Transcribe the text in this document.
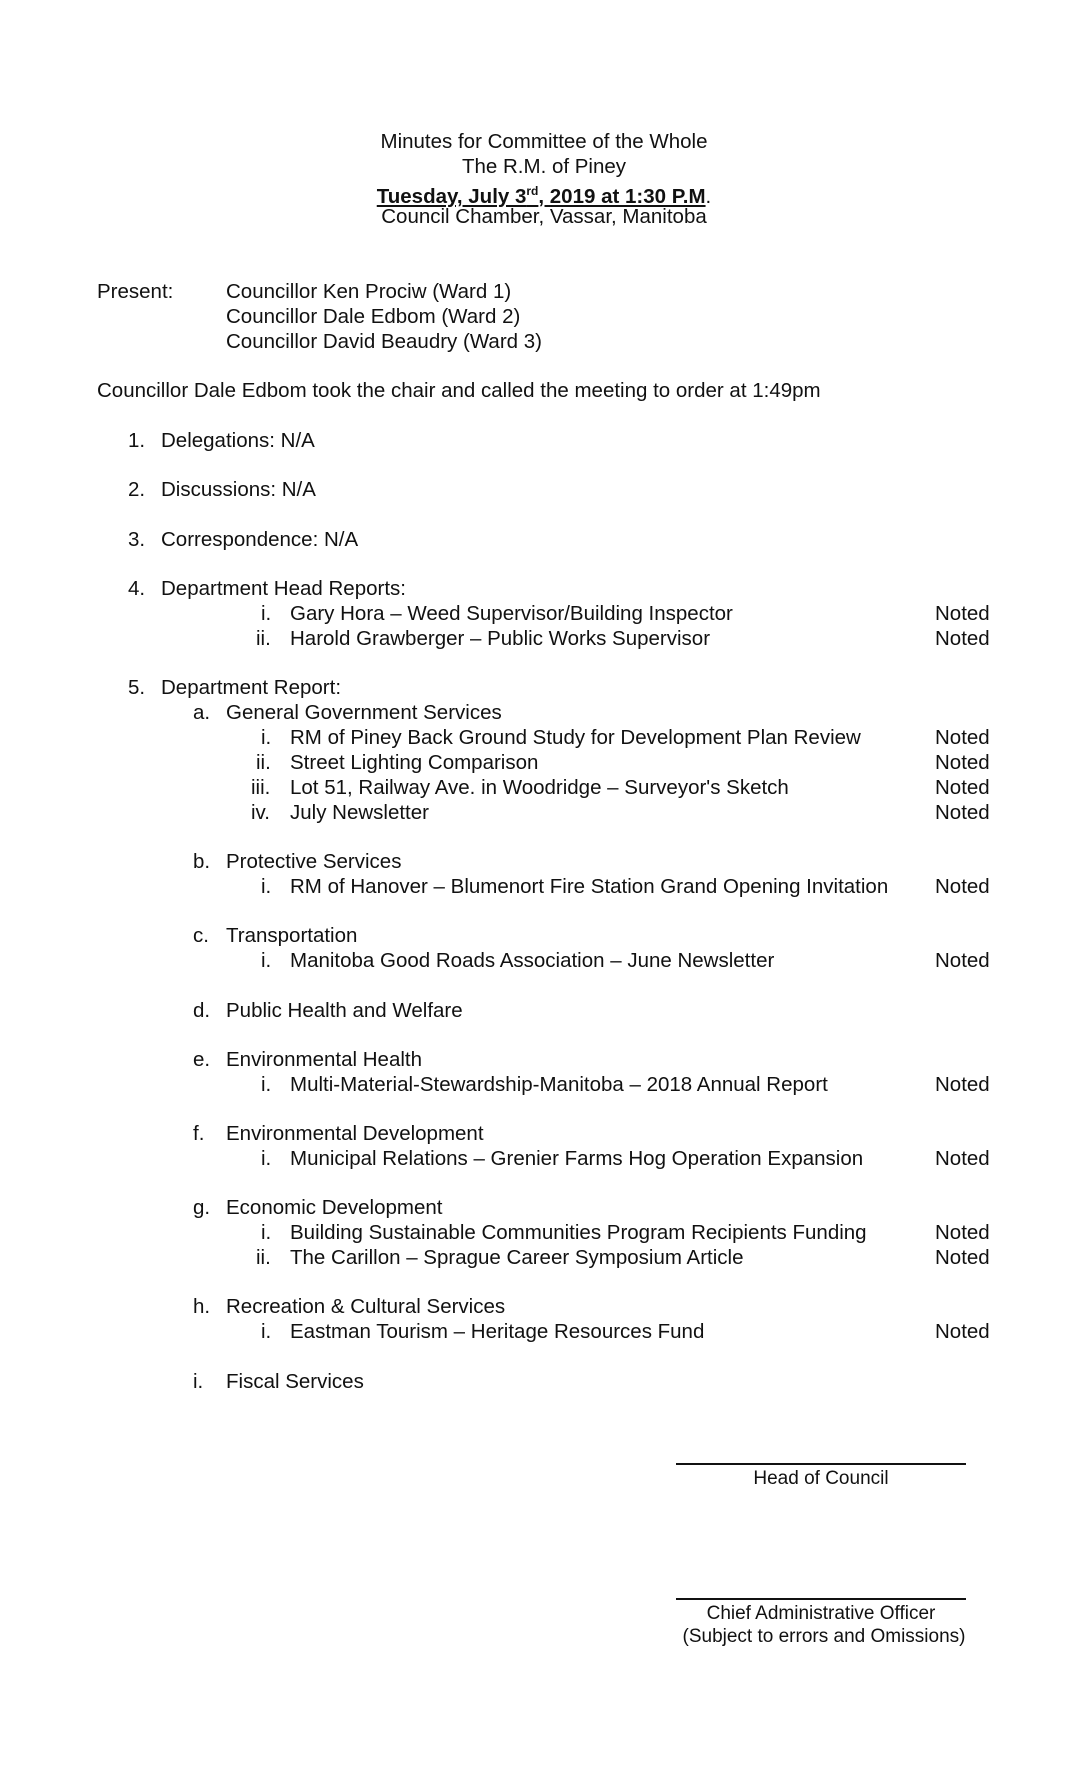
Minutes for Committee of the Whole
The R.M. of Piney
Tuesday, July 3rd, 2019 at 1:30 P.M.
Council Chamber, Vassar, Manitoba
Present:	Councillor Ken Prociw (Ward 1)
Councillor Dale Edbom (Ward 2)
Councillor David Beaudry (Ward 3)
Councillor Dale Edbom took the chair and called the meeting to order at 1:49pm
1. Delegations: N/A
2. Discussions: N/A
3. Correspondence: N/A
4. Department Head Reports:
i. Gary Hora – Weed Supervisor/Building Inspector	Noted
ii. Harold Grawberger – Public Works Supervisor	Noted
5. Department Report:
a. General Government Services
i. RM of Piney Back Ground Study for Development Plan Review	Noted
ii. Street Lighting Comparison	Noted
iii. Lot 51, Railway Ave. in Woodridge – Surveyor's Sketch	Noted
iv. July Newsletter	Noted
b. Protective Services
i. RM of Hanover – Blumenort Fire Station Grand Opening Invitation Noted
c. Transportation
i. Manitoba Good Roads Association – June Newsletter	Noted
d. Public Health and Welfare
e. Environmental Health
i. Multi-Material-Stewardship-Manitoba – 2018 Annual Report	Noted
f. Environmental Development
i. Municipal Relations – Grenier Farms Hog Operation Expansion	Noted
g. Economic Development
i. Building Sustainable Communities Program Recipients Funding	Noted
ii. The Carillon – Sprague Career Symposium Article	Noted
h. Recreation & Cultural Services
i. Eastman Tourism – Heritage Resources Fund	Noted
i. Fiscal Services
Head of Council
Chief Administrative Officer
(Subject to errors and Omissions)
